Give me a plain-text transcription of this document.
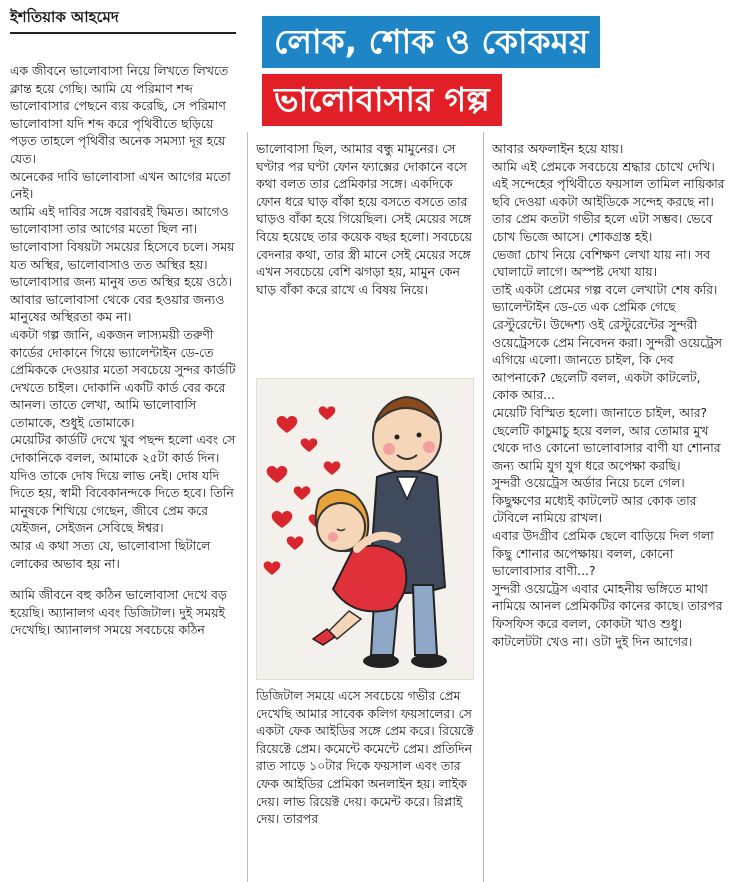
ইশতিয়াক আহমেদ
লোক, শোক ও কোকময়
ভালোবাসার গল্প

এক জীবনে ভালোবাসা নিয়ে লিখতে লিখতে ক্লান্ত হয়ে গেছি। আমি যে পরিমাণ শব্দ ভালোবাসার পেছনে ব্যয় করেছি, সে পরিমাণ ভালোবাসা যদি শব্দ করে পৃথিবীতে ছড়িয়ে পড়ত তাহলে পৃথিবীর অনেক সমস্যা দূর হয়ে যেত।

অনেকের দাবি ভালোবাসা এখন আগের মতো নেই।

আমি এই দাবির সঙ্গে বরাবরই দ্বিমত। আগেও ভালোবাসা তার আগের মতো ছিল না।

ভালোবাসা বিষয়টা সময়ের হিসেবে চলে। সময় যত অস্থির, ভালোবাসাও তত অস্থির হয়। ভালোবাসার জন্য মানুষ তত অস্থির হয়ে ওঠে। আবার ভালোবাসা থেকে বের হওয়ার জন্যও মানুষের অস্থিরতা কম না।

একটা গল্প জানি, একজন লাস্যময়ী তরুণী কার্ডের দোকানে গিয়ে ভ্যালেন্টাইন ডে-তে প্রেমিককে দেওয়ার মতো সবচেয়ে সুন্দর কার্ডটি দেখতে চাইল। দোকানি একটি কার্ড বের করে আনল। তাতে লেখা, আমি ভালোবাসি তোমাকে, শুধুই তোমাকে।

মেয়েটির কার্ডটি দেখে খুব পছন্দ হলো এবং সে দোকানিকে বলল, আমাকে ২৫টা কার্ড দিন।

যদিও তাকে দোষ দিয়ে লাভ নেই। দোষ যদি দিতে হয়, স্বামী বিবেকানন্দকে দিতে হবে। তিনি মানুষকে শিখিয়ে গেছেন, জীবে প্রেম করে যেইজন, সেইজন সেবিছে ঈশ্বর।

আর এ কথা সত্য যে, ভালোবাসা ছিটালে লোকের অভাব হয় না।

আমি জীবনে বহু কঠিন ভালোবাসা দেখে বড় হয়েছি। অ্যানালগ এবং ডিজিটাল। দুই সময়ই দেখেছি। অ্যানালগ সময়ে সবচেয়ে কঠিন

ভালোবাসা ছিল, আমার বন্ধু মামুনের। সে ঘণ্টার পর ঘণ্টা ফোন ফ্যাক্সের দোকানে বসে কথা বলত তার প্রেমিকার সঙ্গে। একদিকে ফোন ধরে ঘাড় বাঁকা হয়ে বসতে বসতে তার ঘাড়ও বাঁকা হয়ে গিয়েছিল। সেই মেয়ের সঙ্গে বিয়ে হয়েছে তার কয়েক বছর হলো। সবচেয়ে বেদনার কথা, তার স্ত্রী মানে সেই মেয়ের সঙ্গে এখন সবচেয়ে বেশি ঝগড়া হয়, মামুন কেন ঘাড় বাঁকা করে রাখে এ বিষয় নিয়ে।

ডিজিটাল সময়ে এসে সবচেয়ে গভীর প্রেম দেখেছি আমার সাবেক কলিগ ফয়সালের। সে একটা ফেক আইডির সঙ্গে প্রেম করে। রিয়েক্টে রিয়েক্টে প্রেম। কমেন্টে কমেন্টে প্রেম। প্রতিদিন রাত সাড়ে ১০টার দিকে ফয়সাল এবং তার ফেক আইডির প্রেমিকা অনলাইন হয়। লাইক দেয়। লাভ রিয়েক্ট দেয়। কমেন্ট করে। রিপ্লাই দেয়। তারপর

আবার অফলাইন হয়ে যায়।

আমি এই প্রেমকে সবচেয়ে শ্রদ্ধার চোখে দেখি। এই সন্দেহের পৃথিবীতে ফয়সাল তামিল নায়িকার ছবি দেওয়া একটা আইডিকে সন্দেহ করছে না। তার প্রেম কতটা গভীর হলে এটা সম্ভব। ভেবে চোখ ভিজে আসে। শোকগ্রস্ত হই।

ভেজা চোখ নিয়ে বেশিক্ষণ লেখা যায় না। সব ঘোলাটে লাগে। অস্পষ্ট দেখা যায়।

তাই একটা প্রেমের গল্প বলে লেখাটা শেষ করি।

ভ্যালেন্টাইন ডে-তে এক প্রেমিক গেছে রেস্টুরেন্টে। উদ্দেশ্য ওই রেস্টুরেন্টের সুন্দরী ওয়েট্রেসকে প্রেম নিবেদন করা। সুন্দরী ওয়েট্রেস এগিয়ে এলো। জানতে চাইল, কি দেব আপনাকে? ছেলেটি বলল, একটা কাটলেট, কোক আর...

মেয়েটি বিস্মিত হলো। জানাতে চাইল, আর?

ছেলেটি কাচুমাচু হয়ে বলল, আর তোমার মুখ থেকে দাও কোনো ভালোবাসার বাণী যা শোনার জন্য আমি যুগ যুগ ধরে অপেক্ষা করছি।

সুন্দরী ওয়েট্রেস অর্ডার নিয়ে চলে গেল। কিছুক্ষণের মধ্যেই কাটলেট আর কোক তার টেবিলে নামিয়ে রাখল।

এবার উদগ্রীব প্রেমিক ছেলে বাড়িয়ে দিল গলা কিছু শোনার অপেক্ষায়। বলল, কোনো ভালোবাসার বাণী...?

সুন্দরী ওয়েট্রেস এবার মোহনীয় ভঙ্গিতে মাথা নামিয়ে আনল প্রেমিকটির কানের কাছে। তারপর ফিসফিস করে বলল, কোকটা খাও শুধু। কাটলেটটা খেও না। ওটা দুই দিন আগের।
